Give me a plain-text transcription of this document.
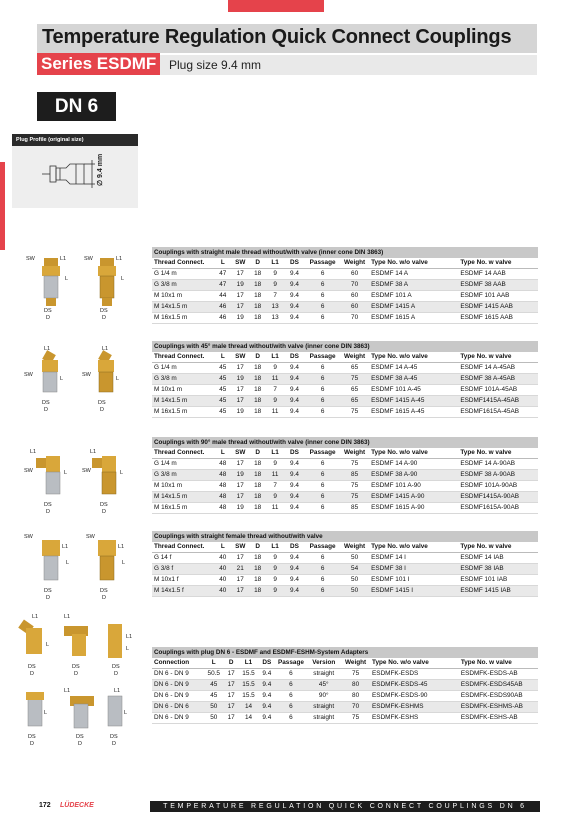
Temperature Regulation Quick Connect Couplings
Series ESDMF	Plug size 9.4 mm
DN 6
Plug Profile (original size)
∅ 9.4 mm
SW	L1
L
DS
D
SW	L1
L
DS
D
L1
SW
L
DS
D
L1
SW
L
DS
D
L1
SW	L
DS
D
L1
SW	L
DS
D
SW
L1
L
DS
D
SW
L1
L
DS
D
L1	L1
L1
L
L
DS
D
DS
D
DS
D
L1	L1
L	L
DS
D
DS
D
DS
D
Couplings with straight male thread without/with valve (inner cone DIN 3863)
Thread Connect.	L	SW	D	L1	DS	Passage	Weight	Type No. w/o valve	Type No. w valve
G 1/4 m	47	17	18	9	9.4	6	60	ESDMF 14 A	ESDMF 14 AAB
G 3/8 m	47	19	18	9	9.4	6	70	ESDMF 38 A	ESDMF 38 AAB
M 10x1 m	44	17	18	7	9.4	6	60	ESDMF 101 A	ESDMF 101 AAB
M 14x1.5 m	46	17	18	13	9.4	6	60	ESDMF 1415 A	ESDMF 1415 AAB
M 16x1.5 m	46	19	18	13	9.4	6	70	ESDMF 1615 A	ESDMF 1615 AAB
Couplings with 45° male thread without/with valve (inner cone DIN 3863)
Thread Connect.	L	SW	D	L1	DS	Passage	Weight	Type No. w/o valve	Type No. w valve
G 1/4 m	45	17	18	9	9.4	6	65	ESDMF 14 A-45	ESDMF 14 A-45AB
G 3/8 m	45	19	18	11	9.4	6	75	ESDMF 38 A-45	ESDMF 38 A-45AB
M 10x1 m	45	17	18	7	9.4	6	65	ESDMF 101 A-45	ESDMF 101A-45AB
M 14x1.5 m	45	17	18	9	9.4	6	65	ESDMF 1415 A-45	ESDMF1415A-45AB
M 16x1.5 m	45	19	18	11	9.4	6	75	ESDMF 1615 A-45	ESDMF1615A-45AB
Couplings with 90° male thread without/with valve (inner cone DIN 3863)
Thread Connect.	L	SW	D	L1	DS	Passage	Weight	Type No. w/o valve	Type No. w valve
G 1/4 m	48	17	18	9	9.4	6	75	ESDMF 14 A-90	ESDMF 14 A-90AB
G 3/8 m	48	19	18	11	9.4	6	85	ESDMF 38 A-90	ESDMF 38 A-90AB
M 10x1 m	48	17	18	7	9.4	6	75	ESDMF 101 A-90	ESDMF 101A-90AB
M 14x1.5 m	48	17	18	9	9.4	6	75	ESDMF 1415 A-90	ESDMF1415A-90AB
M 16x1.5 m	48	19	18	11	9.4	6	85	ESDMF 1615 A-90	ESDMF1615A-90AB
Couplings with straight female thread without/with valve
Thread Connect.	L	SW	D	L1	DS	Passage	Weight	Type No. w/o valve	Type No. w valve
G 14 f	40	17	18	9	9.4	6	50	ESDMF 14 I	ESDMF 14 IAB
G 3/8 f	40	21	18	9	9.4	6	54	ESDMF 38 I	ESDMF 38 IAB
M 10x1 f	40	17	18	9	9.4	6	50	ESDMF 101 I	ESDMF 101 IAB
M 14x1.5 f	40	17	18	9	9.4	6	50	ESDMF 1415 I	ESDMF 1415 IAB
Couplings with plug DN 6 - ESDMF and ESDMF-ESHM-System Adapters
Connection	L	D	L1	DS	Passage	Version	Weight	Type No. w/o valve	Type No. w valve
DN 6 - DN 9	50.5	17	15.5	9.4	6	straight	75	ESDMFK-ESDS	ESDMFK-ESDS-AB
DN 6 - DN 9	45	17	15.5	9.4	6	45°	80	ESDMFK-ESDS-45	ESDMFK-ESDS45AB
DN 6 - DN 9	45	17	15.5	9.4	6	90°	80	ESDMFK-ESDS-90	ESDMFK-ESDS90AB
DN 6 - DN 6	50	17	14	9.4	6	straight	70	ESDMFK-ESHMS	ESDMFK-ESHMS-AB
DN 6 - DN 9	50	17	14	9.4	6	straight	75	ESDMFK-ESHS	ESDMFK-ESHS-AB
172 LÜDECKE	TEMPERATURE REGULATION QUICK CONNECT COUPLINGS DN 6
